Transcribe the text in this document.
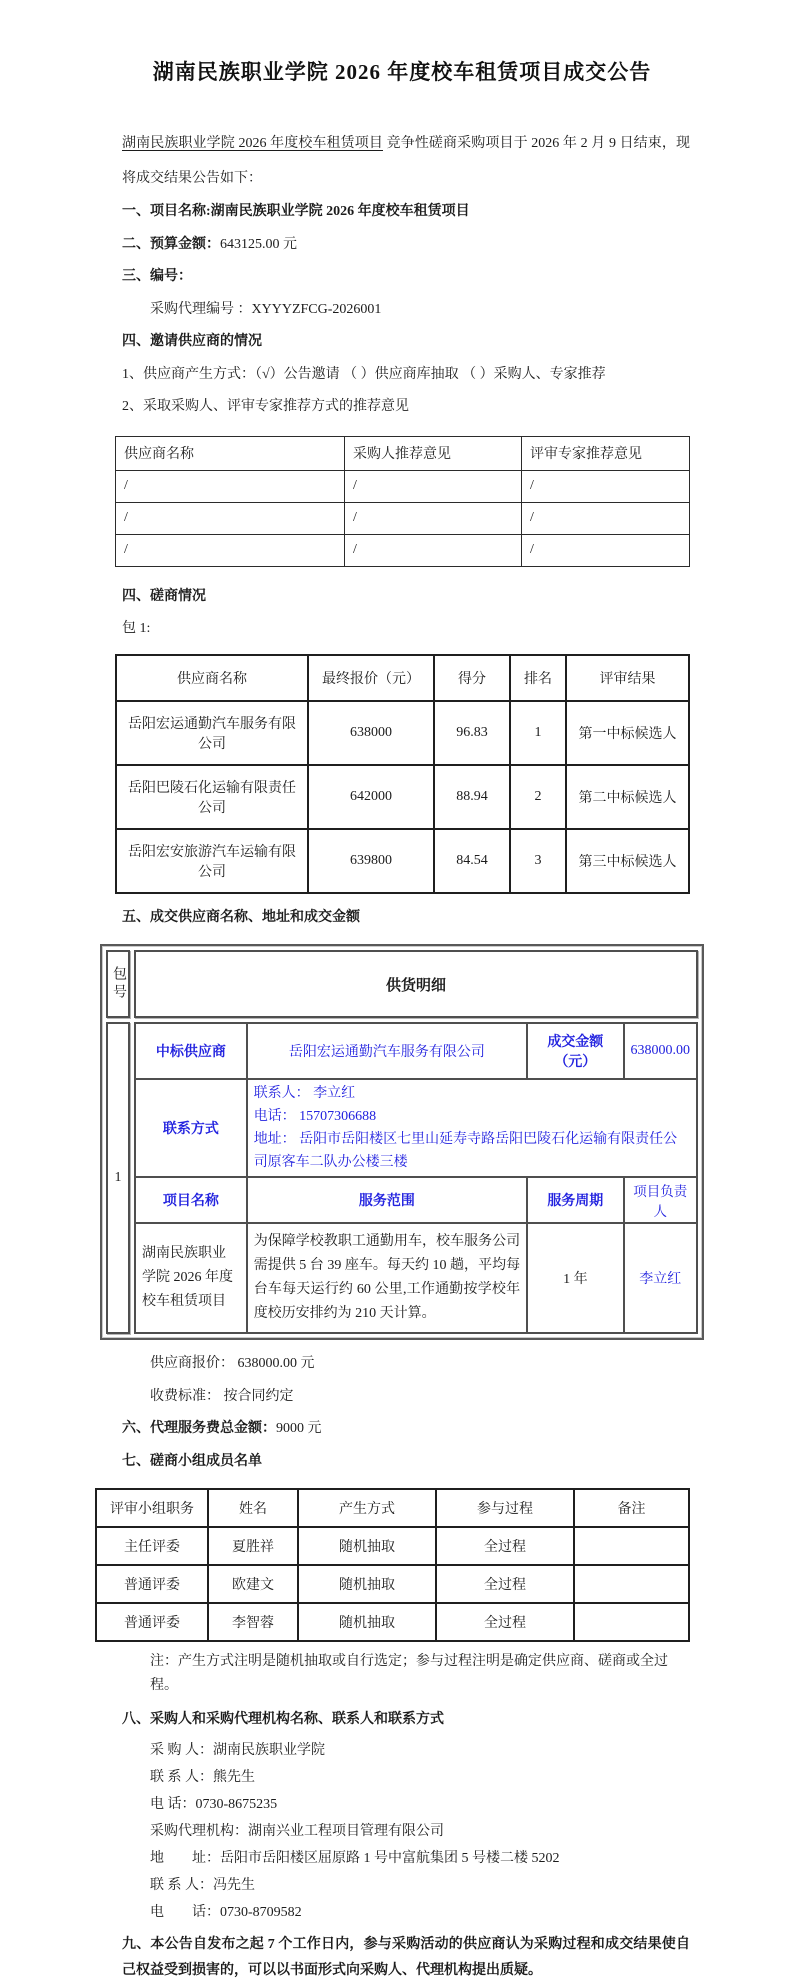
湖南民族职业学院 2026 年度校车租赁项目成交公告

湖南民族职业学院 2026 年度校车租赁项目 竞争性磋商采购项目于 2026 年 2 月 9 日结束，现将成交结果公告如下：

一、项目名称:湖南民族职业学院 2026 年度校车租赁项目

二、预算金额：643125.00 元

三、编号：

采购代理编号 ：XYYYZFCG-2026001

四、邀请供应商的情况

1、供应商产生方式：（√）公告邀请 （ ）供应商库抽取 （ ）采购人、专家推荐

2、采取采购人、评审专家推荐方式的推荐意见

供应商名称	采购人推荐意见	评审专家推荐意见
/	/	/
/	/	/
/	/	/

四、磋商情况

包 1:

供应商名称	最终报价（元）	得分	排名	评审结果
岳阳宏运通勤汽车服务有限公司	638000	96.83	1	第一中标候选人
岳阳巴陵石化运输有限责任公司	642000	88.94	2	第二中标候选人
岳阳宏安旅游汽车运输有限公司	639800	84.54	3	第三中标候选人

五、成交供应商名称、地址和成交金额

包号	供货明细
1
中标供应商	岳阳宏运通勤汽车服务有限公司	成交金额（元）	638000.00
联系方式	联系人： 李立红

电话： 15707306688

地址： 岳阳市岳阳楼区七里山延寿寺路岳阳巴陵石化运输有限责任公司原客车二队办公楼三楼		

项目名称	服务范围	服务周期	项目负责人
湖南民族职业学院 2026 年度校车租赁项目	为保障学校教职工通勤用车，校车服务公司需提供 5 台 39 座车。每天约 10 趟，平均每台车每天运行约 60 公里,工作通勤按学校年度校历安排约为 210 天计算。	1 年	李立红

供应商报价： 638000.00 元

收费标准： 按合同约定

六、代理服务费总金额：9000 元

七、磋商小组成员名单

评审小组职务	姓名	产生方式	参与过程	备注
主任评委	夏胜祥	随机抽取	全过程	
普通评委	欧建文	随机抽取	全过程	
普通评委	李智蓉	随机抽取	全过程	

注：产生方式注明是随机抽取或自行选定；参与过程注明是确定供应商、磋商或全过程。

八、采购人和采购代理机构名称、联系人和联系方式

采 购 人：湖南民族职业学院

联 系 人：熊先生

电 话：0730-8675235

采购代理机构：湖南兴业工程项目管理有限公司

地　　址：岳阳市岳阳楼区屈原路 1 号中富航集团 5 号楼二楼 5202

联 系 人：冯先生

电　　话：0730-8709582

九、本公告自发布之起 7 个工作日内，参与采购活动的供应商认为采购过程和成交结果使自己权益受到损害的，可以以书面形式向采购人、代理机构提出质疑。
